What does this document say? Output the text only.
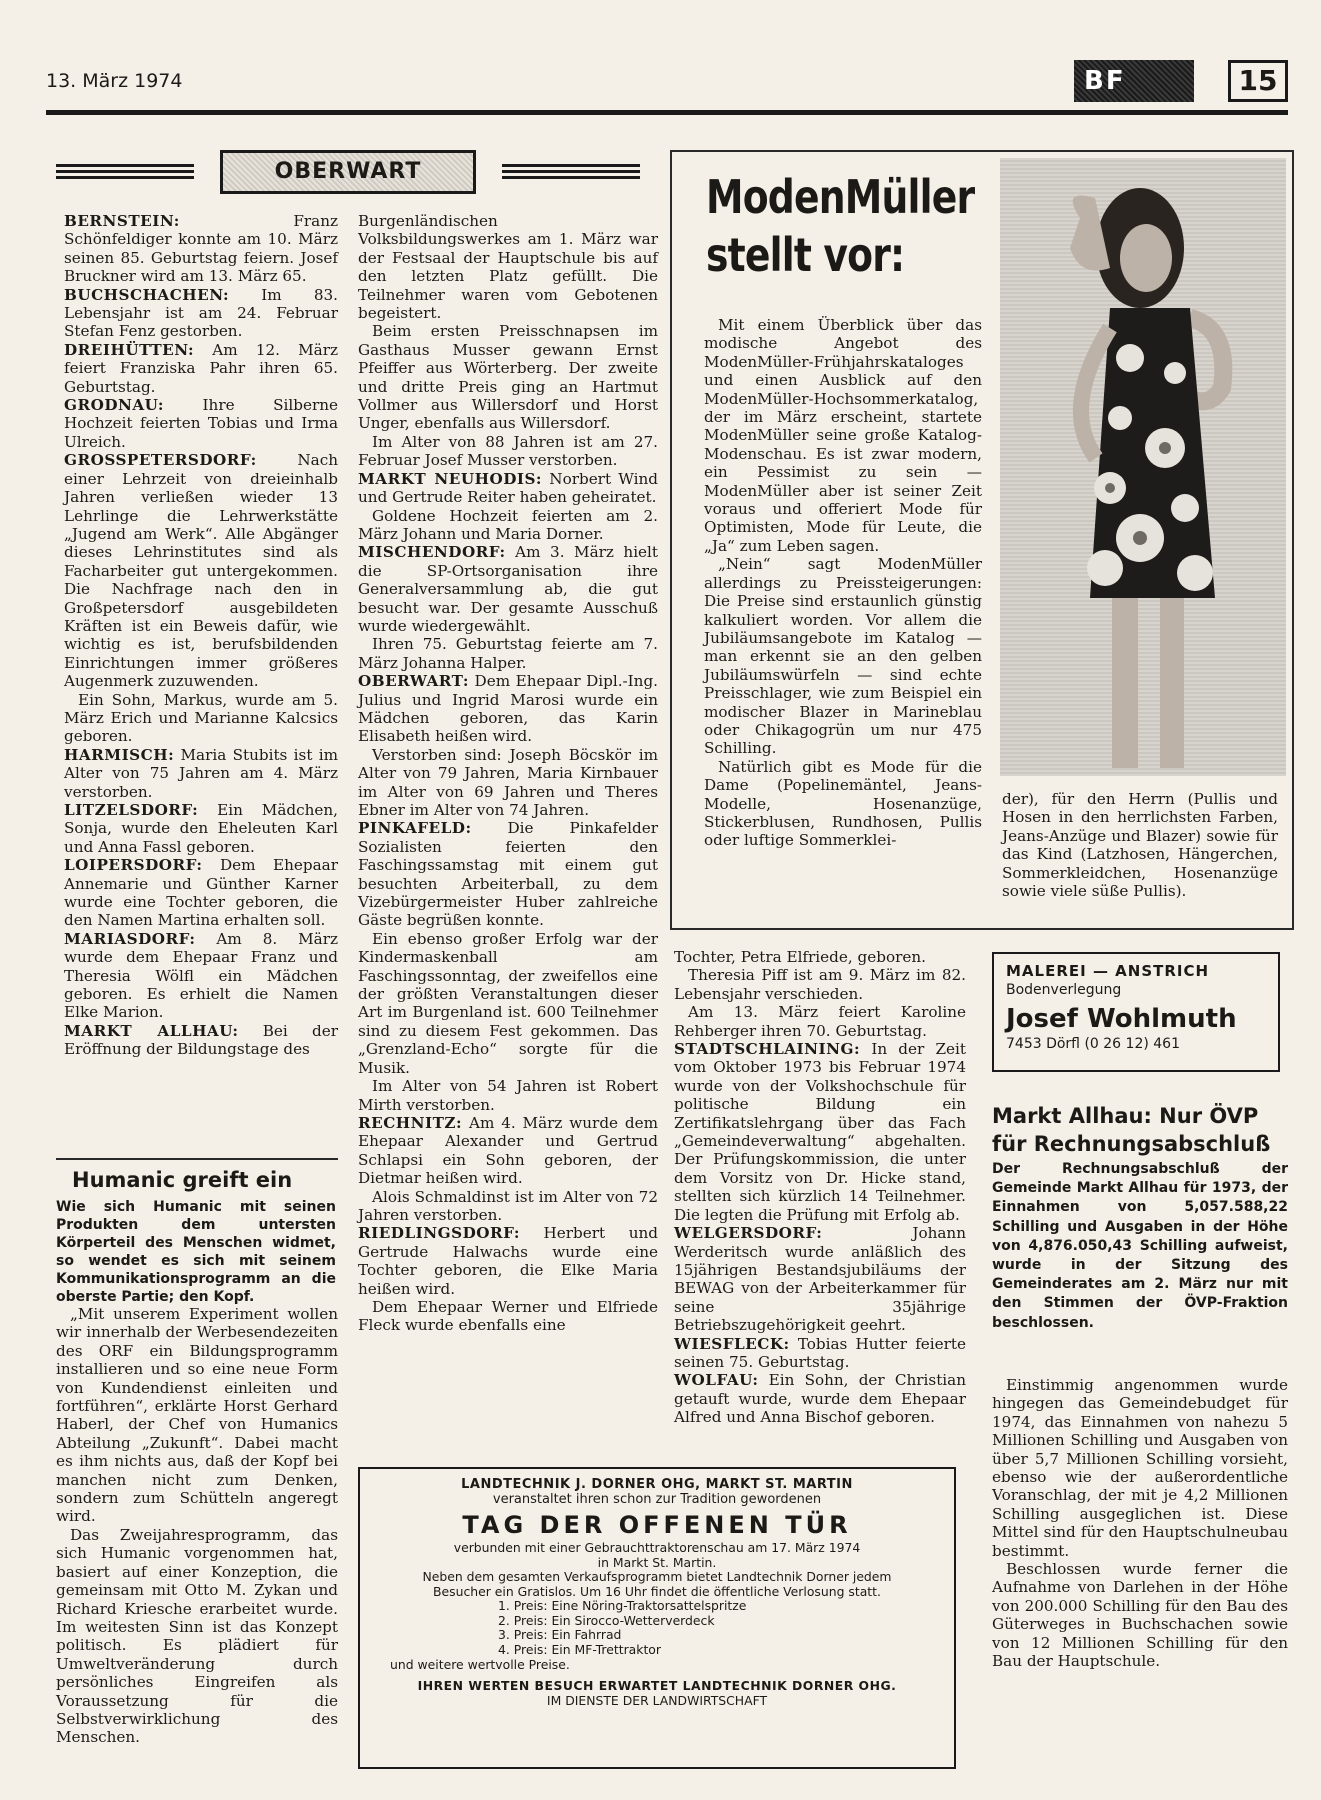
13. März 1974	BF	15
OBERWART

BERNSTEIN: Franz Schönfeldiger konnte am 10. März seinen 85. Geburtstag feiern. Josef Bruckner wird am 13. März 65.

BUCHSCHACHEN: Im 83. Lebensjahr ist am 24. Februar Stefan Fenz gestorben.

DREIHÜTTEN: Am 12. März feiert Franziska Pahr ihren 65. Geburtstag.

GRODNAU: Ihre Silberne Hochzeit feierten Tobias und Irma Ulreich.

GROSSPETERSDORF: Nach einer Lehrzeit von dreieinhalb Jahren verließen wieder 13 Lehrlinge die Lehrwerkstätte „Jugend am Werk“. Alle Abgänger dieses Lehrinstitutes sind als Facharbeiter gut untergekommen. Die Nachfrage nach den in Großpetersdorf ausgebildeten Kräften ist ein Beweis dafür, wie wichtig es ist, berufsbildenden Einrichtungen immer größeres Augenmerk zuzuwenden.

Ein Sohn, Markus, wurde am 5. März Erich und Marianne Kalcsics geboren.

HARMISCH: Maria Stubits ist im Alter von 75 Jahren am 4. März verstorben.

LITZELSDORF: Ein Mädchen, Sonja, wurde den Eheleuten Karl und Anna Fassl geboren.

LOIPERSDORF: Dem Ehepaar Annemarie und Günther Karner wurde eine Tochter geboren, die den Namen Martina erhalten soll.

MARIASDORF: Am 8. März wurde dem Ehepaar Franz und Theresia Wölfl ein Mädchen geboren. Es erhielt die Namen Elke Marion.

MARKT ALLHAU: Bei der Eröffnung der Bildungstage des

Humanic greift ein
Wie sich Humanic mit seinen Produkten dem untersten Körperteil des Menschen widmet, so wendet es sich mit seinem Kommunikationsprogramm an die oberste Partie; den Kopf.

„Mit unserem Experiment wollen wir innerhalb der Werbesendezeiten des ORF ein Bildungsprogramm installieren und so eine neue Form von Kundendienst einleiten und fortführen“, erklärte Horst Gerhard Haberl, der Chef von Humanics Abteilung „Zukunft“. Dabei macht es ihm nichts aus, daß der Kopf bei manchen nicht zum Denken, sondern zum Schütteln angeregt wird.

Das Zweijahresprogramm, das sich Humanic vorgenommen hat, basiert auf einer Konzeption, die gemeinsam mit Otto M. Zykan und Richard Kriesche erarbeitet wurde. Im weitesten Sinn ist das Konzept politisch. Es plädiert für Umweltveränderung durch persönliches Eingreifen als Voraussetzung für die Selbstverwirklichung des Menschen.

Burgenländischen Volksbildungswerkes am 1. März war der Festsaal der Hauptschule bis auf den letzten Platz gefüllt. Die Teilnehmer waren vom Gebotenen begeistert.

Beim ersten Preisschnapsen im Gasthaus Musser gewann Ernst Pfeiffer aus Wörterberg. Der zweite und dritte Preis ging an Hartmut Vollmer aus Willersdorf und Horst Unger, ebenfalls aus Willersdorf.

Im Alter von 88 Jahren ist am 27. Februar Josef Musser verstorben.

MARKT NEUHODIS: Norbert Wind und Gertrude Reiter haben geheiratet.

Goldene Hochzeit feierten am 2. März Johann und Maria Dorner.

MISCHENDORF: Am 3. März hielt die SP-Ortsorganisation ihre Generalversammlung ab, die gut besucht war. Der gesamte Ausschuß wurde wiedergewählt.

Ihren 75. Geburtstag feierte am 7. März Johanna Halper.

OBERWART: Dem Ehepaar Dipl.-Ing. Julius und Ingrid Marosi wurde ein Mädchen geboren, das Karin Elisabeth heißen wird.

Verstorben sind: Joseph Böcskör im Alter von 79 Jahren, Maria Kirnbauer im Alter von 69 Jahren und Theres Ebner im Alter von 74 Jahren.

PINKAFELD: Die Pinkafelder Sozialisten feierten den Faschingssamstag mit einem gut besuchten Arbeiterball, zu dem Vizebürgermeister Huber zahlreiche Gäste begrüßen konnte.

Ein ebenso großer Erfolg war der Kindermaskenball am Faschingssonntag, der zweifellos eine der größten Veranstaltungen dieser Art im Burgenland ist. 600 Teilnehmer sind zu diesem Fest gekommen. Das „Grenzland-Echo“ sorgte für die Musik.

Im Alter von 54 Jahren ist Robert Mirth verstorben.

RECHNITZ: Am 4. März wurde dem Ehepaar Alexander und Gertrud Schlapsi ein Sohn geboren, der Dietmar heißen wird.

Alois Schmaldinst ist im Alter von 72 Jahren verstorben.

RIEDLINGSDORF: Herbert und Gertrude Halwachs wurde eine Tochter geboren, die Elke Maria heißen wird.

Dem Ehepaar Werner und Elfriede Fleck wurde ebenfalls eine

ModenMüller
stellt vor:

Mit einem Überblick über das modische Angebot des ModenMüller-Frühjahrskataloges und einen Ausblick auf den ModenMüller-Hochsommerkatalog, der im März erscheint, startete ModenMüller seine große Katalog-Modenschau. Es ist zwar modern, ein Pessimist zu sein — ModenMüller aber ist seiner Zeit voraus und offeriert Mode für Optimisten, Mode für Leute, die „Ja“ zum Leben sagen.

„Nein“ sagt ModenMüller allerdings zu Preissteigerungen: Die Preise sind erstaunlich günstig kalkuliert worden. Vor allem die Jubiläumsangebote im Katalog — man erkennt sie an den gelben Jubiläumswürfeln — sind echte Preisschlager, wie zum Beispiel ein modischer Blazer in Marineblau oder Chikagogrün um nur 475 Schilling.

Natürlich gibt es Mode für die Dame (Popelinemäntel, Jeans-Modelle, Hosenanzüge, Stickerblusen, Rundhosen, Pullis oder luftige Sommerklei-

der), für den Herrn (Pullis und Hosen in den herrlichsten Farben, Jeans-Anzüge und Blazer) sowie für das Kind (Latzhosen, Hängerchen, Sommerkleidchen, Hosenanzüge sowie viele süße Pullis).

Tochter, Petra Elfriede, geboren.

Theresia Piff ist am 9. März im 82. Lebensjahr verschieden.

Am 13. März feiert Karoline Rehberger ihren 70. Geburtstag.

STADTSCHLAINING: In der Zeit vom Oktober 1973 bis Februar 1974 wurde von der Volkshochschule für politische Bildung ein Zertifikatslehrgang über das Fach „Gemeindeverwaltung“ abgehalten. Der Prüfungskommission, die unter dem Vorsitz von Dr. Hicke stand, stellten sich kürzlich 14 Teilnehmer. Die legten die Prüfung mit Erfolg ab.

WELGERSDORF: Johann Werderitsch wurde anläßlich des 15jährigen Bestandsjubiläums der BEWAG von der Arbeiterkammer für seine 35jährige Betriebszugehörigkeit geehrt.

WIESFLECK: Tobias Hutter feierte seinen 75. Geburtstag.

WOLFAU: Ein Sohn, der Christian getauft wurde, wurde dem Ehepaar Alfred und Anna Bischof geboren.

MALEREI — ANSTRICH
Bodenverlegung
Josef Wohlmuth
7453 Dörfl (0 26 12) 461
Markt Allhau: Nur ÖVP
für Rechnungsabschluß
Der Rechnungsabschluß der Gemeinde Markt Allhau für 1973, der Einnahmen von 5,057.588,22 Schilling und Ausgaben in der Höhe von 4,876.050,43 Schilling aufweist, wurde in der Sitzung des Gemeinderates am 2. März nur mit den Stimmen der ÖVP-Fraktion beschlossen.

Einstimmig angenommen wurde hingegen das Gemeindebudget für 1974, das Einnahmen von nahezu 5 Millionen Schilling und Ausgaben von über 5,7 Millionen Schilling vorsieht, ebenso wie der außerordentliche Voranschlag, der mit je 4,2 Millionen Schilling ausgeglichen ist. Diese Mittel sind für den Hauptschulneubau bestimmt.

Beschlossen wurde ferner die Aufnahme von Darlehen in der Höhe von 200.000 Schilling für den Bau des Güterweges in Buchschachen sowie von 12 Millionen Schilling für den Bau der Hauptschule.

LANDTECHNIK J. DORNER OHG, MARKT ST. MARTIN
veranstaltet ihren schon zur Tradition gewordenen
TAG DER OFFENEN TÜR
verbunden mit einer Gebrauchttraktorenschau am 17. März 1974
in Markt St. Martin.
Neben dem gesamten Verkaufsprogramm bietet Landtechnik Dorner jedem
Besucher ein Gratislos. Um 16 Uhr findet die öffentliche Verlosung statt.
1. Preis: Eine Nöring-Traktorsattelspritze
2. Preis: Ein Sirocco-Wetterverdeck
3. Preis: Ein Fahrrad
4. Preis: Ein MF-Trettraktor
und weitere wertvolle Preise.
IHREN WERTEN BESUCH ERWARTET LANDTECHNIK DORNER OHG.
IM DIENSTE DER LANDWIRTSCHAFT
